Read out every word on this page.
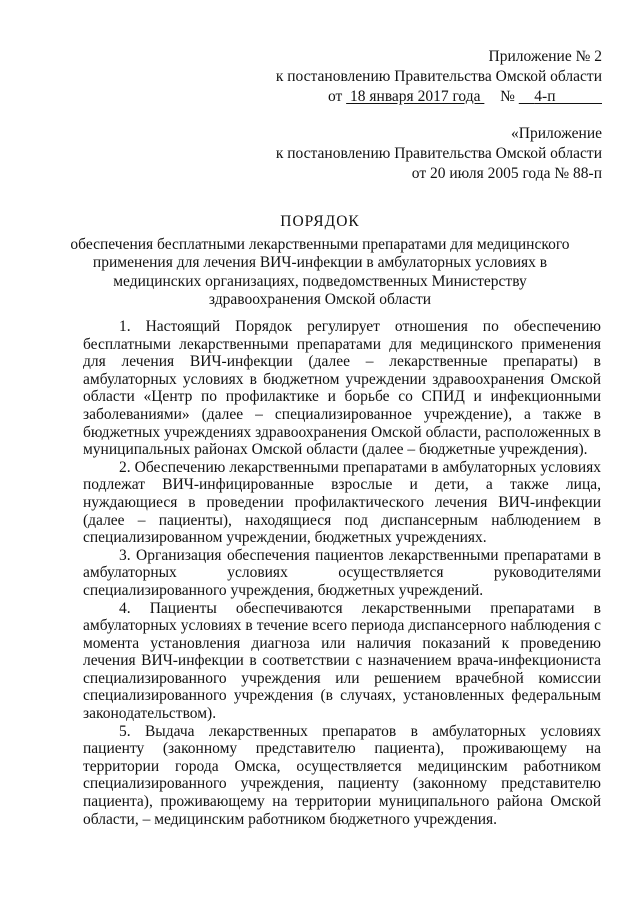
Приложение № 2
к постановлению Правительства Омской области
от 18 января 2017 года № 4-п
«Приложение
к постановлению Правительства Омской области
от 20 июля 2005 года № 88-п
ПОРЯДОК
обеспечения бесплатными лекарственными препаратами для медицинского применения для лечения ВИЧ-инфекции в амбулаторных условиях в медицинских организациях, подведомственных Министерству здравоохранения Омской области

1. Настоящий Порядок регулирует отношения по обеспечению бесплатными лекарственными препаратами для медицинского применения для лечения ВИЧ-инфекции (далее – лекарственные препараты) в амбулаторных условиях в бюджетном учреждении здравоохранения Омской области «Центр по профилактике и борьбе со СПИД и инфекционными заболеваниями» (далее – специализированное учреждение), а также в бюджетных учреждениях здравоохранения Омской области, расположенных в муниципальных районах Омской области (далее – бюджетные учреждения).

2. Обеспечению лекарственными препаратами в амбулаторных условиях подлежат ВИЧ-инфицированные взрослые и дети, а также лица, нуждающиеся в проведении профилактического лечения ВИЧ-инфекции (далее – пациенты), находящиеся под диспансерным наблюдением в специализированном учреждении, бюджетных учреждениях.

3. Организация обеспечения пациентов лекарственными препаратами в амбулаторных условиях осуществляется руководителями специализированного учреждения, бюджетных учреждений.

4. Пациенты обеспечиваются лекарственными препаратами в амбулаторных условиях в течение всего периода диспансерного наблюдения с момента установления диагноза или наличия показаний к проведению лечения ВИЧ-инфекции в соответствии с назначением врача-инфекциониста специализированного учреждения или решением врачебной комиссии специализированного учреждения (в случаях, установленных федеральным законодательством).

5. Выдача лекарственных препаратов в амбулаторных условиях пациенту (законному представителю пациента), проживающему на территории города Омска, осуществляется медицинским работником специализированного учреждения, пациенту (законному представителю пациента), проживающему на территории муниципального района Омской области, – медицинским работником бюджетного учреждения.
